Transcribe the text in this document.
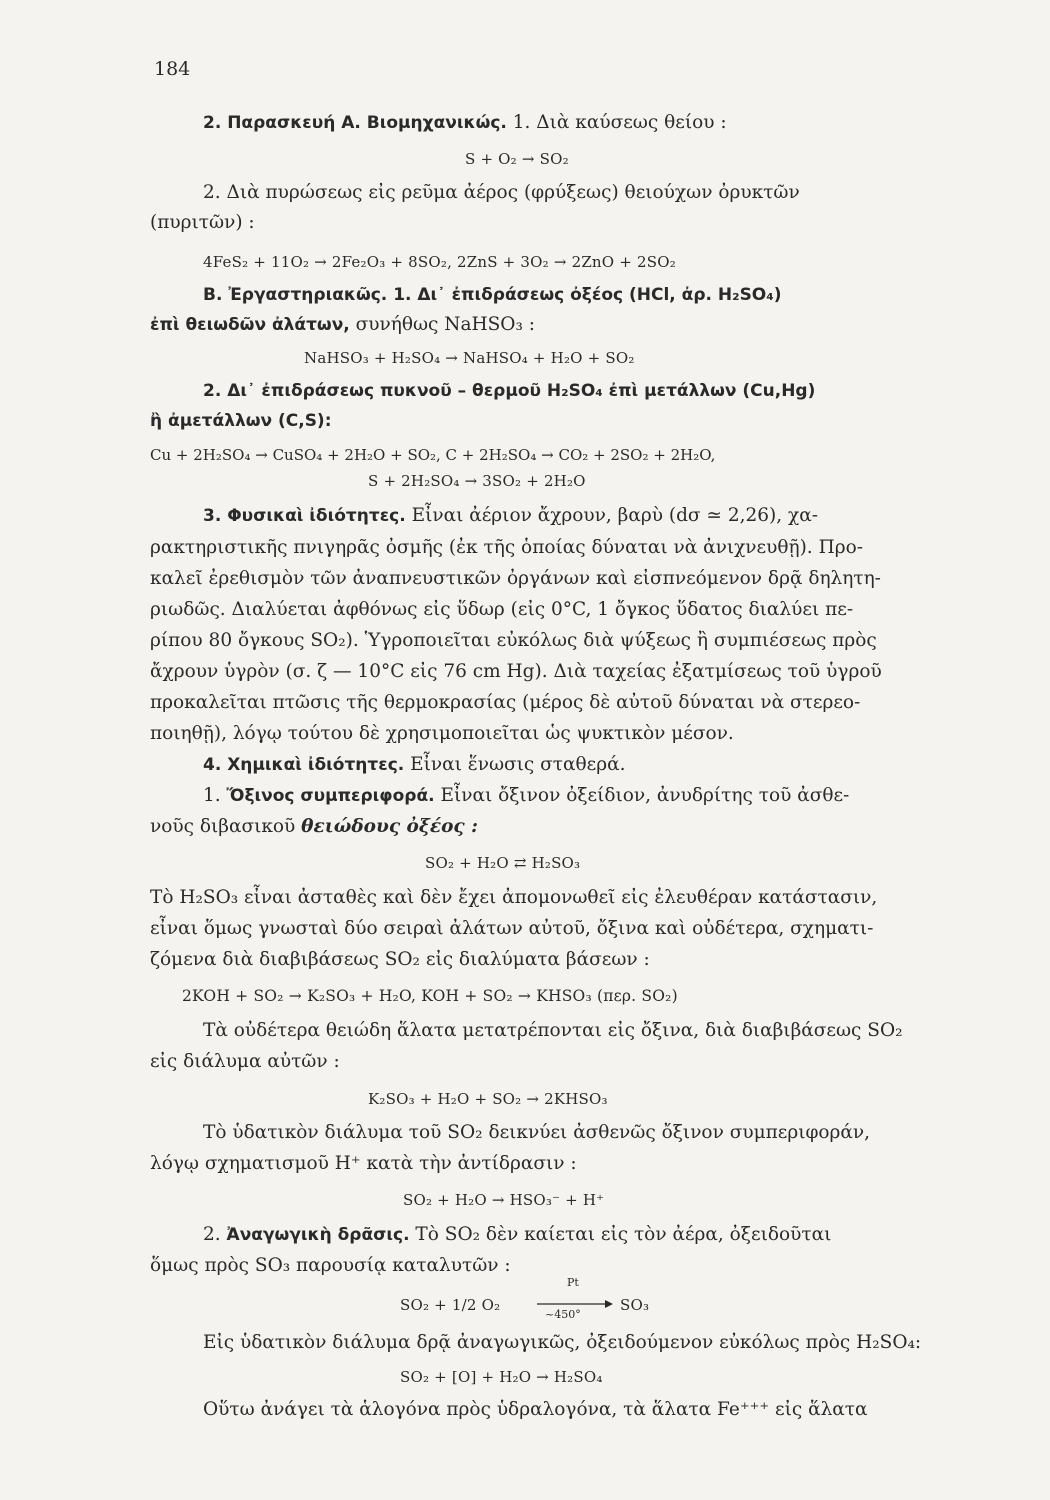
184
2. Παρασκευή Α. Βιομηχανικώς. 1. Διὰ καύσεως θείου :
S + O₂ → SO₂
2. Διὰ πυρώσεως εἰς ρεῦμα ἀέρος (φρύξεως) θειούχων ὀρυκτῶν
(πυριτῶν) :
4FeS₂ + 11O₂ → 2Fe₂O₃ + 8SO₂, 2ZnS + 3O₂ → 2ZnO + 2SO₂
B. Ἐργαστηριακῶς. 1. Δι᾽ ἐπιδράσεως ὀξέος (HCl, ἀρ. H₂SO₄)
ἐπὶ θειωδῶν ἀλάτων, συνήθως NaHSO₃ :
NaHSO₃ + H₂SO₄ → NaHSO₄ + H₂O + SO₂
2. Δι᾽ ἐπιδράσεως πυκνοῦ – θερμοῦ H₂SO₄ ἐπὶ μετάλλων (Cu,Hg)
ἢ ἀμετάλλων (C,S):
Cu + 2H₂SO₄ → CuSO₄ + 2H₂O + SO₂, C + 2H₂SO₄ → CO₂ + 2SO₂ + 2H₂O,
S + 2H₂SO₄ → 3SO₂ + 2H₂O
3. Φυσικαὶ ἰδιότητες. Εἶναι ἀέριον ἄχρουν, βαρὺ (dσ ≃ 2,26), χα-
ρακτηριστικῆς πνιγηρᾶς ὀσμῆς (ἐκ τῆς ὁποίας δύναται νὰ ἀνιχνευθῇ). Προ-
καλεῖ ἐρεθισμὸν τῶν ἀναπνευστικῶν ὀργάνων καὶ εἰσπνεόμενον δρᾷ δηλητη-
ριωδῶς. Διαλύεται ἀφθόνως εἰς ὕδωρ (εἰς 0°C, 1 ὄγκος ὕδατος διαλύει πε-
ρίπου 80 ὄγκους SO₂). Ὑγροποιεῖται εὐκόλως διὰ ψύξεως ἢ συμπιέσεως πρὸς
ἄχρουν ὑγρὸν (σ. ζ — 10°C εἰς 76 cm Hg). Διὰ ταχείας ἐξατμίσεως τοῦ ὑγροῦ
προκαλεῖται πτῶσις τῆς θερμοκρασίας (μέρος δὲ αὐτοῦ δύναται νὰ στερεο-
ποιηθῇ), λόγῳ τούτου δὲ χρησιμοποιεῖται ὡς ψυκτικὸν μέσον.
4. Χημικαὶ ἰδιότητες. Εἶναι ἕνωσις σταθερά.
1. Ὄξινος συμπεριφορά. Εἶναι ὄξινον ὀξείδιον, ἀνυδρίτης τοῦ ἀσθε-
νοῦς διβασικοῦ θειώδους ὀξέος :
SO₂ + H₂O ⇄ H₂SO₃
Τὸ H₂SO₃ εἶναι ἀσταθὲς καὶ δὲν ἔχει ἀπομονωθεῖ εἰς ἐλευθέραν κατάστασιν,
εἶναι ὅμως γνωσταὶ δύο σειραὶ ἀλάτων αὐτοῦ, ὄξινα καὶ οὐδέτερα, σχηματι-
ζόμενα διὰ διαβιβάσεως SO₂ εἰς διαλύματα βάσεων :
2KOH + SO₂ → K₂SO₃ + H₂O, KOH + SO₂ → KHSO₃ (περ. SO₂)
Τὰ οὐδέτερα θειώδη ἅλατα μετατρέπονται εἰς ὄξινα, διὰ διαβιβάσεως SO₂
εἰς διάλυμα αὐτῶν :
K₂SO₃ + H₂O + SO₂ → 2KHSO₃
Τὸ ὑδατικὸν διάλυμα τοῦ SO₂ δεικνύει ἀσθενῶς ὄξινον συμπεριφοράν,
λόγῳ σχηματισμοῦ H⁺ κατὰ τὴν ἀντίδρασιν :
SO₂ + H₂O → HSO₃⁻ + H⁺
2. Ἀναγωγικὴ δρᾶσις. Τὸ SO₂ δὲν καίεται εἰς τὸν ἀέρα, ὀξειδοῦται
ὅμως πρὸς SO₃ παρουσίᾳ καταλυτῶν :
SO₂ + 1/2 O₂
Pt
~450°
SO₃
Εἰς ὑδατικὸν διάλυμα δρᾷ ἀναγωγικῶς, ὀξειδούμενον εὐκόλως πρὸς H₂SO₄:
SO₂ + [O] + H₂O → H₂SO₄
Οὕτω ἀνάγει τὰ ἁλογόνα πρὸς ὑδραλογόνα, τὰ ἅλατα Fe⁺⁺⁺ εἰς ἅλατα
